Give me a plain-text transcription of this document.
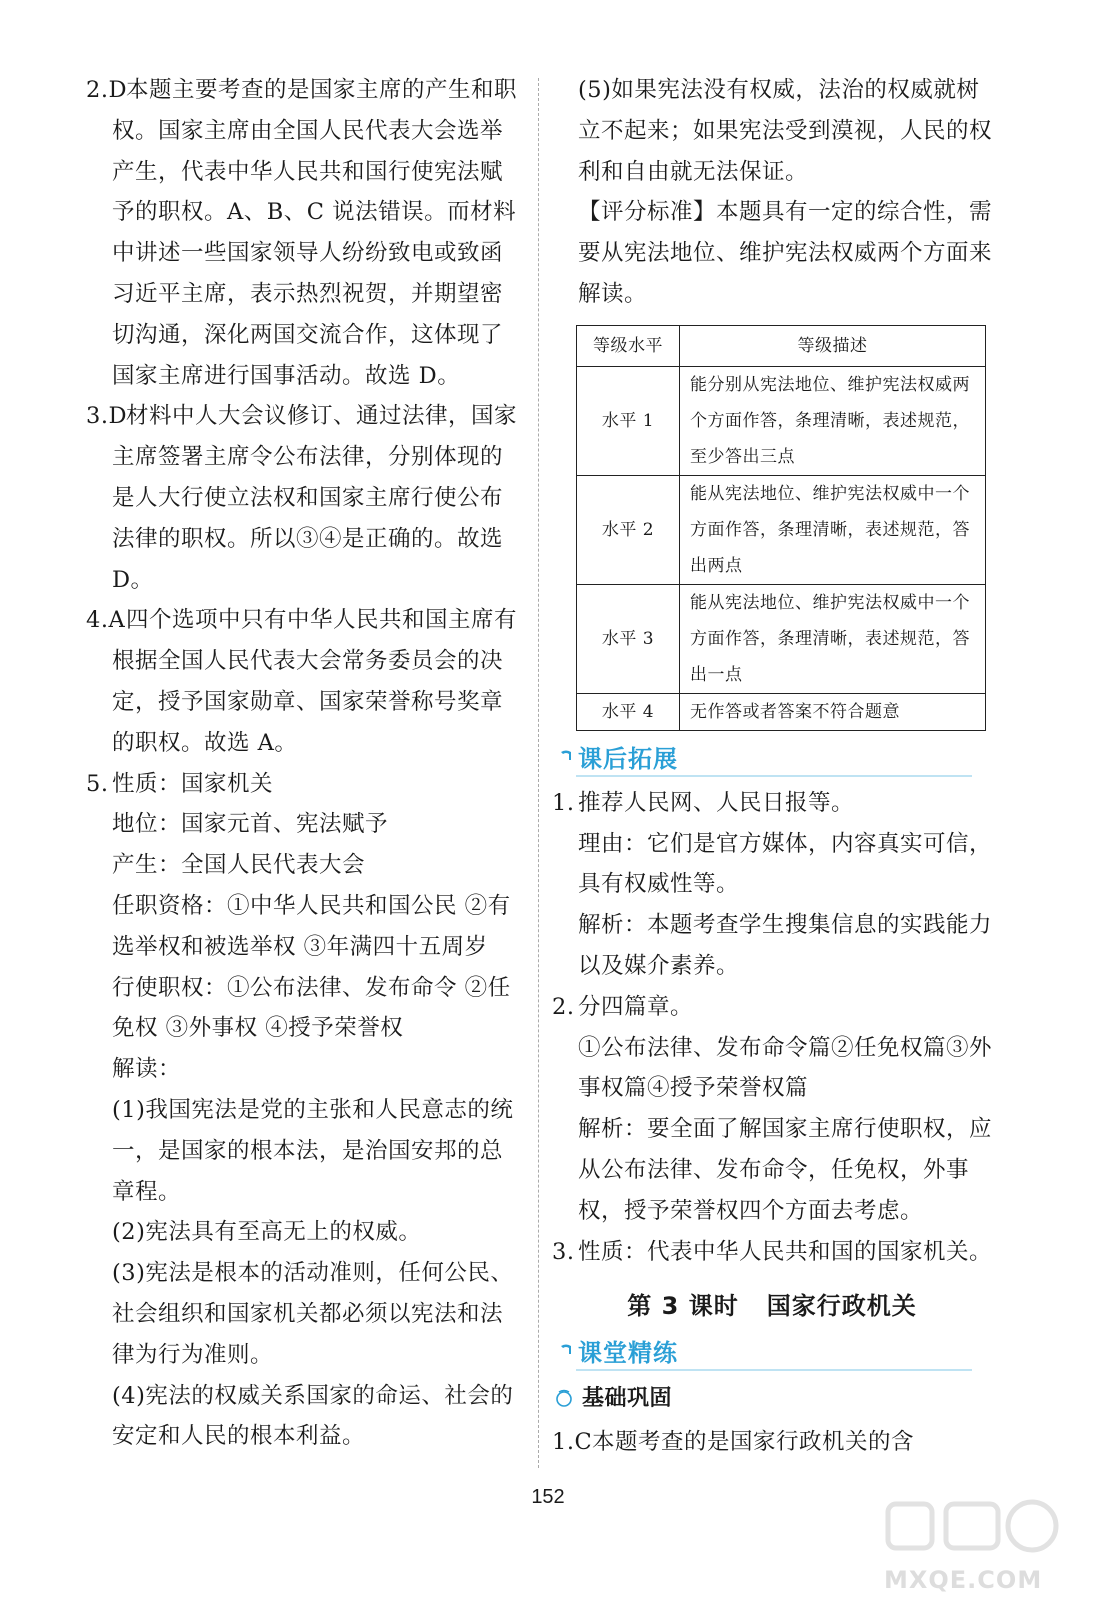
2.D
本题主要考查的是国家主席的产生和职权。国家主席由全国人民代表大会选举产生，代表中华人民共和国行使宪法赋予的职权。A、B、C 说法错误。而材料中讲述一些国家领导人纷纷致电或致函习近平主席，表示热烈祝贺，并期望密切沟通，深化两国交流合作，这体现了国家主席进行国事活动。故选 D。

3.D
材料中人大会议修订、通过法律，国家主席签署主席令公布法律，分别体现的是人大行使立法权和国家主席行使公布法律的职权。所以③④是正确的。故选 D。

4.A 四个选项中只有中华人民共和国主席有根据全国人民代表大会常务委员会的决定，授予国家勋章、国家荣誉称号奖章的职权。故选 A。

5. 性质：国家机关

地位：国家元首、宪法赋予

产生：全国人民代表大会

任职资格：①中华人民共和国公民 ②有选举权和被选举权 ③年满四十五周岁

行使职权：①公布法律、发布命令 ②任免权 ③外事权 ④授予荣誉权

解读：

(1)我国宪法是党的主张和人民意志的统一，是国家的根本法，是治国安邦的总章程。

(2)宪法具有至高无上的权威。

(3)宪法是根本的活动准则，任何公民、社会组织和国家机关都必须以宪法和法律为行为准则。

(4)宪法的权威关系国家的命运、社会的安定和人民的根本利益。

(5)如果宪法没有权威，法治的权威就树立不起来；如果宪法受到漠视，人民的权利和自由就无法保证。

【评分标准】本题具有一定的综合性，需要从宪法地位、维护宪法权威两个方面来解读。

等级水平	等级描述
水平 1	能分别从宪法地位、维护宪法权威两个方面作答，条理清晰，表述规范，至少答出三点
水平 2	能从宪法地位、维护宪法权威中一个方面作答，条理清晰，表述规范，答出两点
水平 3	能从宪法地位、维护宪法权威中一个方面作答，条理清晰，表述规范，答出一点
水平 4	无作答或者答案不符合题意
课后拓展

1. 推荐人民网、人民日报等。

理由：它们是官方媒体，内容真实可信，具有权威性等。

解析：本题考查学生搜集信息的实践能力以及媒介素养。

2. 分四篇章。

①公布法律、发布命令篇②任免权篇③外事权篇④授予荣誉权篇

解析：要全面了解国家主席行使职权，应从公布法律、发布命令，任免权，外事权，授予荣誉权四个方面去考虑。

3. 性质：代表中华人民共和国的国家机关。

第 3 课时 国家行政机关
课堂精练
基础巩固

1.C 本题考查的是国家行政机关的含

152
MXQE.COM
